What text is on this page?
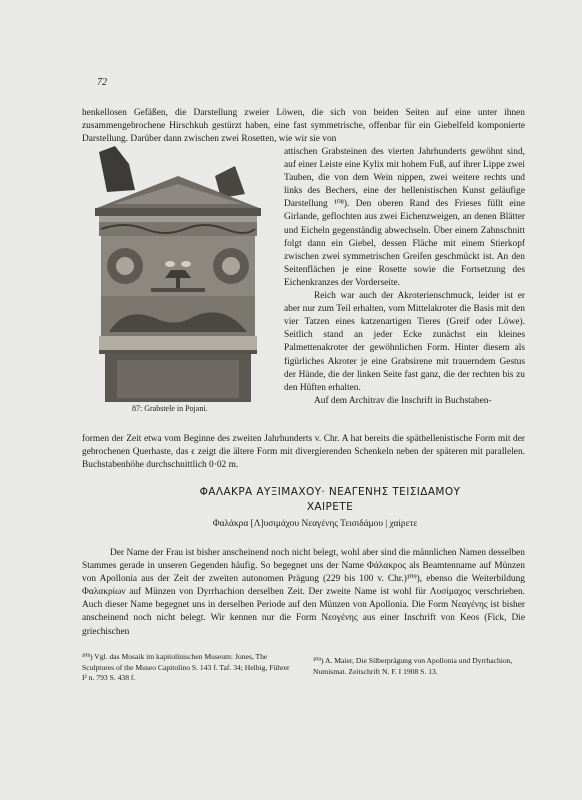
72
henkellosen Gefäßen, die Darstellung zweier Löwen, die sich von beiden Seiten auf eine unter ihnen zusammengebrochene Hirschkuh gestürzt haben, eine fast symmetrische, offenbar für ein Giebelfeld komponierte Darstellung. Darüber dann zwischen zwei Rosetten, wie wir sie von
87: Grabstele in Pojani.

attischen Grabsteinen des vierten Jahrhunderts gewöhnt sind, auf einer Leiste eine Kylix mit hohem Fuß, auf ihrer Lippe zwei Tauben, die von dem Wein nippen, zwei weitere rechts und links des Bechers, eine der hellenistischen Kunst geläufige Darstellung ¹⁰⁸). Den oberen Rand des Frieses füllt eine Girlande, geflochten aus zwei Eichenzweigen, an denen Blätter und Eicheln gegenständig abwechseln. Über einem Zahnschnitt folgt dann ein Giebel, dessen Fläche mit einem Stierkopf zwischen zwei symmetrischen Greifen geschmückt ist. An den Seitenflächen je eine Rosette sowie die Fortsetzung des Eichenkranzes der Vorderseite.

Reich war auch der Akroterienschmuck, leider ist er aber nur zum Teil erhalten, vom Mittelakroter die Basis mit den vier Tatzen eines katzenartigen Tieres (Greif oder Löwe). Seitlich stand an jeder Ecke zunächst ein kleines Palmettenakroter der gewöhnlichen Form. Hinter diesem als figürliches Akroter je eine Grabsirene mit trauerndem Gestus der Hände, die der linken Seite fast ganz, die der rechten bis zu den Hüften erhalten.

Auf dem Architrav die Inschrift in Buchstaben-

formen der Zeit etwa vom Beginne des zweiten Jahrhunderts v. Chr. A hat bereits die späthellenistische Form mit der gebrochenen Querhaste, das ϵ zeigt die ältere Form mit divergierenden Schenkeln neben der späteren mit parallelen. Buchstabenhöhe durchschnittlich 0·02 m.
ΦΑΛΑΚΡΑ ΑΥΞΙΜΑΧΟΥ· ΝΕΑΓΕΝΗΣ ΤΕΙΣΙΔΑΜΟΥ
ΧΑΙΡΕΤΕ
Φαλάκρα [Λ]υσιμάχου Νεαγένης Τεισιδάμου | χαίρετε
Der Name der Frau ist bisher anscheinend noch nicht belegt, wohl aber sind die männlichen Namen desselben Stammes gerade in unseren Gegenden häufig. So begegnet uns der Name Φάλακρος als Beamtenname auf Münzen von Apollonia aus der Zeit der zweiten autonomen Prägung (229 bis 100 v. Chr.)¹⁰⁹), ebenso die Weiterbildung Φαλακρίων auf Münzen von Dyrrhachion derselben Zeit. Der zweite Name ist wohl für Λυσίμαχος verschrieben. Auch dieser Name begegnet uns in derselben Periode auf den Münzen von Apollonia. Die Form Νεαγένης ist bisher anscheinend noch nicht belegt. Wir kennen nur die Form Νεογένης aus einer Inschrift von Keos (Fick, Die griechischen
¹⁰⁸) Vgl. das Mosaik im kapitolinischen Museum: Jones, The Sculptures of the Museo Capitolino S. 143 f. Taf. 34; Helbig, Führer I² n. 793 S. 438 f.
¹⁰⁹) A. Maier, Die Silberprägung von Apollonia und Dyrrhachion, Numismat. Zeitschrift N. F. I 1908 S. 13.
